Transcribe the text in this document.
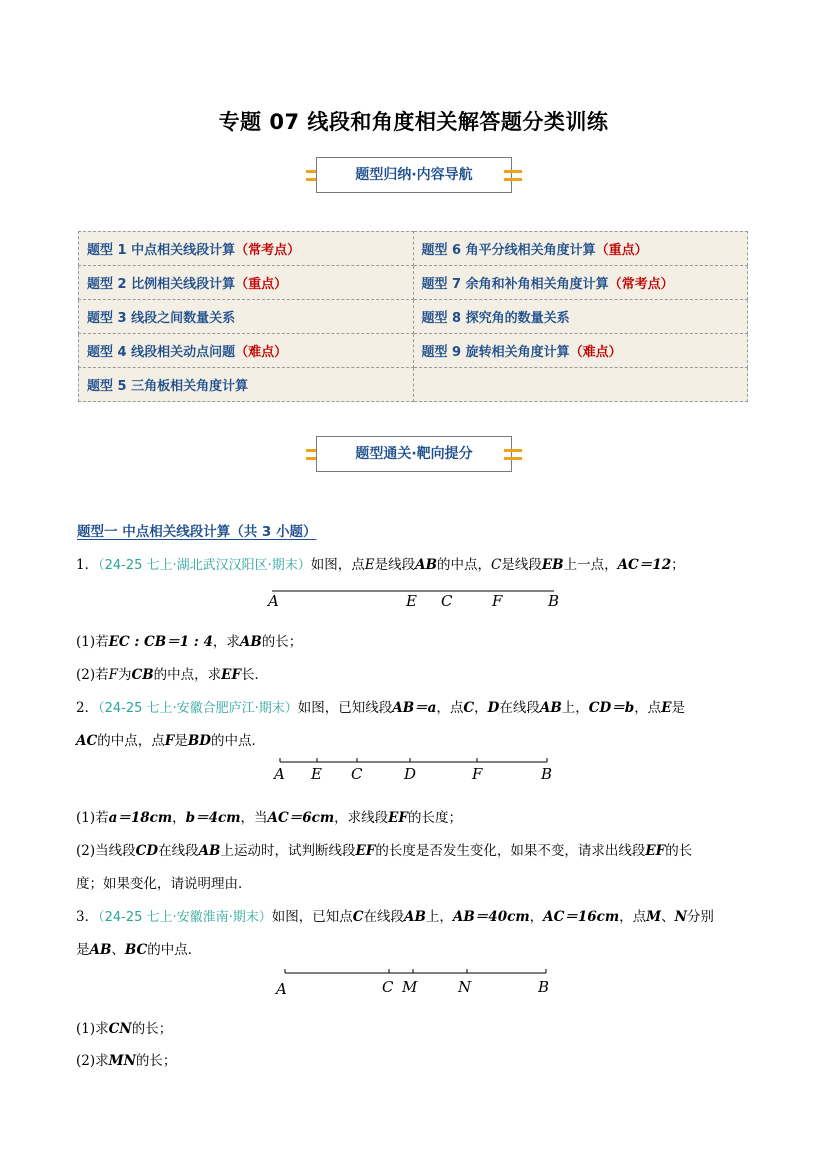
专题 07 线段和角度相关解答题分类训练
题型归纳·内容导航
题型 1 中点相关线段计算（常考点）	题型 6 角平分线相关角度计算（重点）
题型 2 比例相关线段计算（重点）	题型 7 余角和补角相关角度计算（常考点）
题型 3 线段之间数量关系	题型 8 探究角的数量关系
题型 4 线段相关动点问题（难点）	题型 9 旋转相关角度计算（难点）
题型 5 三角板相关角度计算	
题型通关·靶向提分
题型一 中点相关线段计算（共 3 小题）
1．（24-25 七上·湖北武汉汉阳区·期末）如图，点E是线段AB的中点，C是线段EB上一点，AC＝12；
A	E C	F	B
(1)若EC : CB＝1 : 4，求AB的长；
(2)若F为CB的中点，求EF长．
2．（24-25 七上·安徽合肥庐江·期末）如图，已知线段AB＝a，点C，D在线段AB上，CD＝b，点E是
AC的中点，点F是BD的中点．
A E C	D	F	B
(1)若a＝18cm，b＝4cm，当AC＝6cm，求线段EF的长度；
(2)当线段CD在线段AB上运动时，试判断线段EF的长度是否发生变化，如果不变，请求出线段EF的长
度；如果变化，请说明理由．
3．（24-25 七上·安徽淮南·期末）如图，已知点C在线段AB上，AB＝40cm，AC＝16cm，点M、N分别
是AB、BC的中点．
A	C M	N	B
(1)求CN的长；
(2)求MN的长；
